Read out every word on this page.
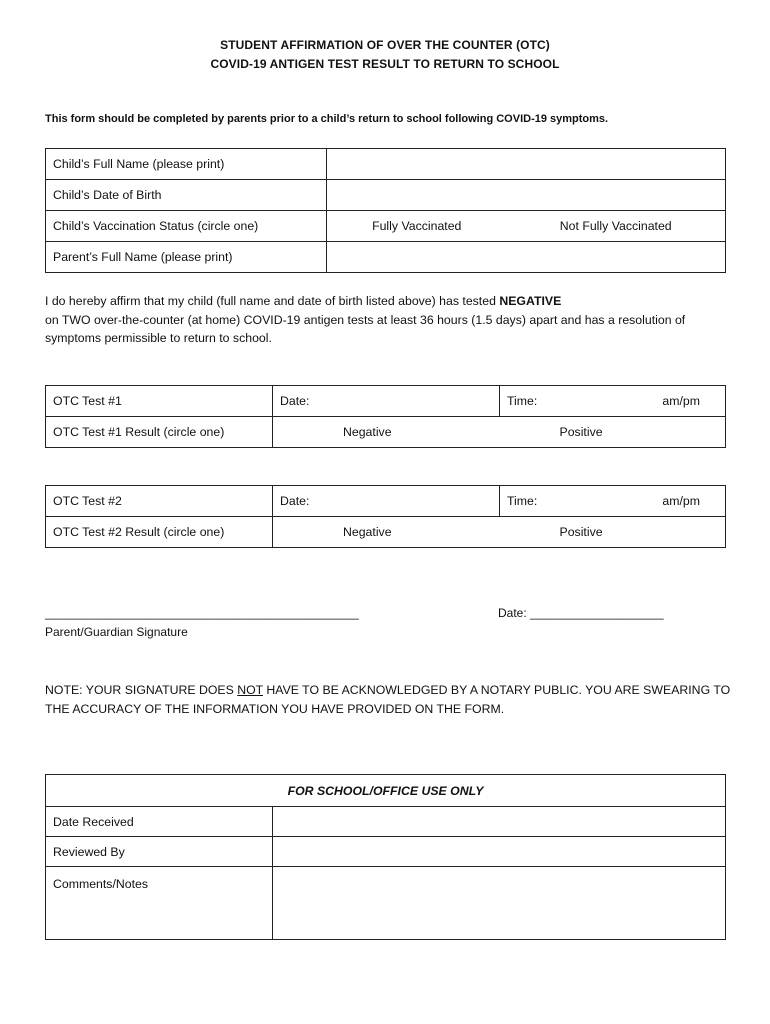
STUDENT AFFIRMATION OF OVER THE COUNTER (OTC)
COVID-19 ANTIGEN TEST RESULT TO RETURN TO SCHOOL
This form should be completed by parents prior to a child’s return to school following COVID-19 symptoms.
Child’s Full Name (please print)		
Child’s Date of Birth		
Child’s Vaccination Status (circle one)	Fully Vaccinated	Not Fully Vaccinated
Parent’s Full Name (please print)		
I do hereby affirm that my child (full name and date of birth listed above) has tested NEGATIVE
on TWO over-the-counter (at home) COVID-19 antigen tests at least 36 hours (1.5 days) apart and has a resolution of symptoms permissible to return to school.
OTC Test #1	Date:	Time: am/pm

OTC Test #1 Result (circle one)	Negative	Positive
OTC Test #2	Date:	Time: am/pm

OTC Test #2 Result (circle one)	Negative	Positive
_______________________________________________	Date: ____________________
Parent/Guardian Signature
NOTE: YOUR SIGNATURE DOES NOT HAVE TO BE ACKNOWLEDGED BY A NOTARY PUBLIC. YOU ARE SWEARING TO THE ACCURACY OF THE INFORMATION YOU HAVE PROVIDED ON THE FORM.
FOR SCHOOL/OFFICE USE ONLY	
Date Received	
Reviewed By	
Comments/Notes	
